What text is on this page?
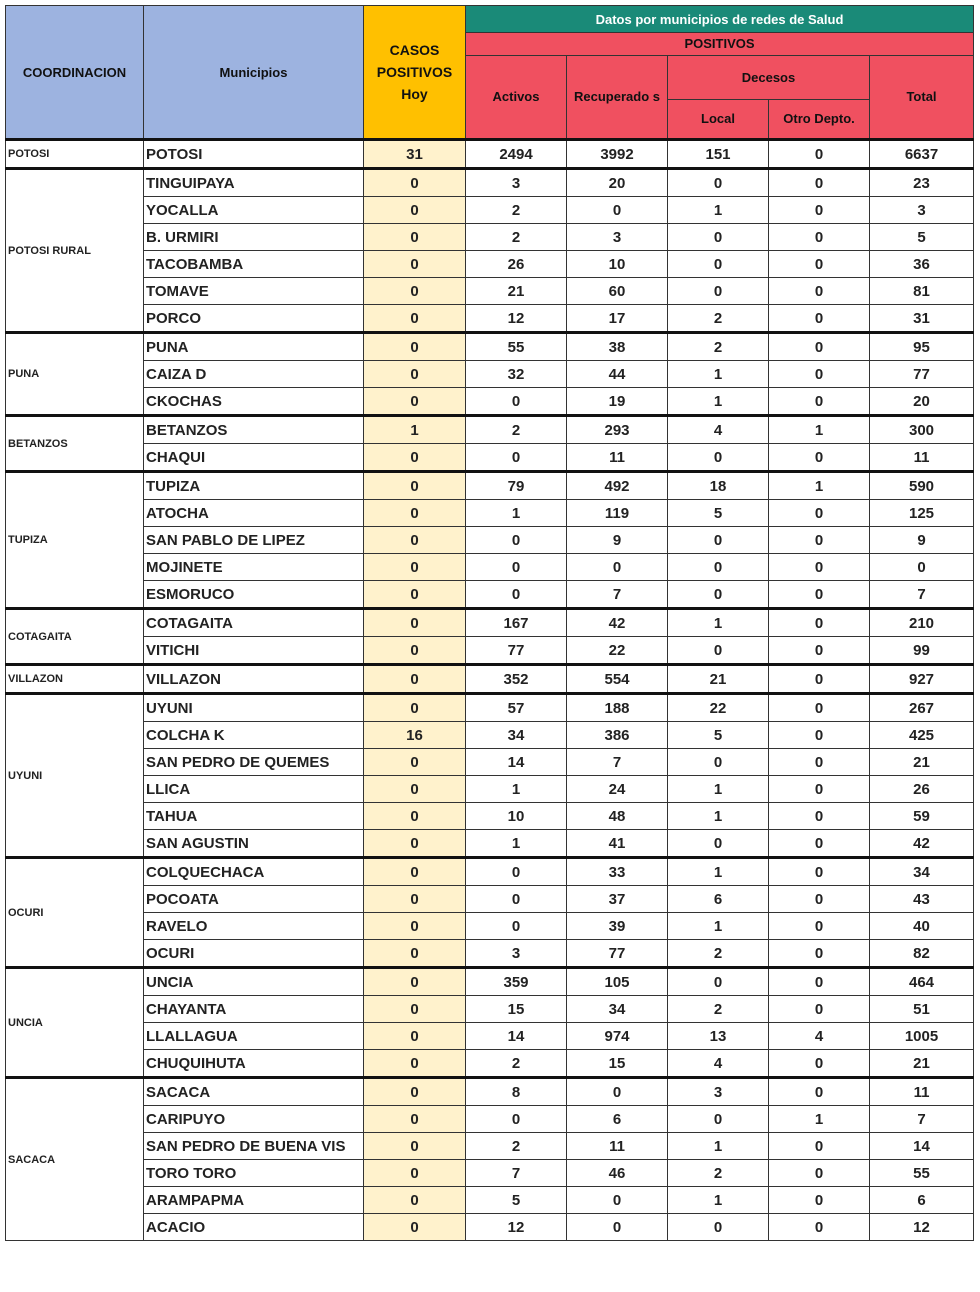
COORDINACION	Municipios	CASOS POSITIVOS Hoy	Datos por municipios de redes de Salud				
			POSITIVOS				
			Activos	Recuperado s	Decesos		Total
					Local	Otro Depto.	
POTOSI	POTOSI	31	2494	3992	151	0	6637
POTOSI RURAL	TINGUIPAYA	0	3	20	0	0	23
	YOCALLA	0	2	0	1	0	3
	B. URMIRI	0	2	3	0	0	5
	TACOBAMBA	0	26	10	0	0	36
	TOMAVE	0	21	60	0	0	81
	PORCO	0	12	17	2	0	31
PUNA	PUNA	0	55	38	2	0	95
	CAIZA D	0	32	44	1	0	77
	CKOCHAS	0	0	19	1	0	20
BETANZOS	BETANZOS	1	2	293	4	1	300
	CHAQUI	0	0	11	0	0	11
TUPIZA	TUPIZA	0	79	492	18	1	590
	ATOCHA	0	1	119	5	0	125
	SAN PABLO DE LIPEZ	0	0	9	0	0	9
	MOJINETE	0	0	0	0	0	0
	ESMORUCO	0	0	7	0	0	7
COTAGAITA	COTAGAITA	0	167	42	1	0	210
	VITICHI	0	77	22	0	0	99
VILLAZON	VILLAZON	0	352	554	21	0	927
UYUNI	UYUNI	0	57	188	22	0	267
	COLCHA K	16	34	386	5	0	425
	SAN PEDRO DE QUEMES	0	14	7	0	0	21
	LLICA	0	1	24	1	0	26
	TAHUA	0	10	48	1	0	59
	SAN AGUSTIN	0	1	41	0	0	42
OCURI	COLQUECHACA	0	0	33	1	0	34
	POCOATA	0	0	37	6	0	43
	RAVELO	0	0	39	1	0	40
	OCURI	0	3	77	2	0	82
UNCIA	UNCIA	0	359	105	0	0	464
	CHAYANTA	0	15	34	2	0	51
	LLALLAGUA	0	14	974	13	4	1005
	CHUQUIHUTA	0	2	15	4	0	21
SACACA	SACACA	0	8	0	3	0	11
	CARIPUYO	0	0	6	0	1	7
	SAN PEDRO DE BUENA VIS	0	2	11	1	0	14
	TORO TORO	0	7	46	2	0	55
	ARAMPAPMA	0	5	0	1	0	6
	ACACIO	0	12	0	0	0	12
